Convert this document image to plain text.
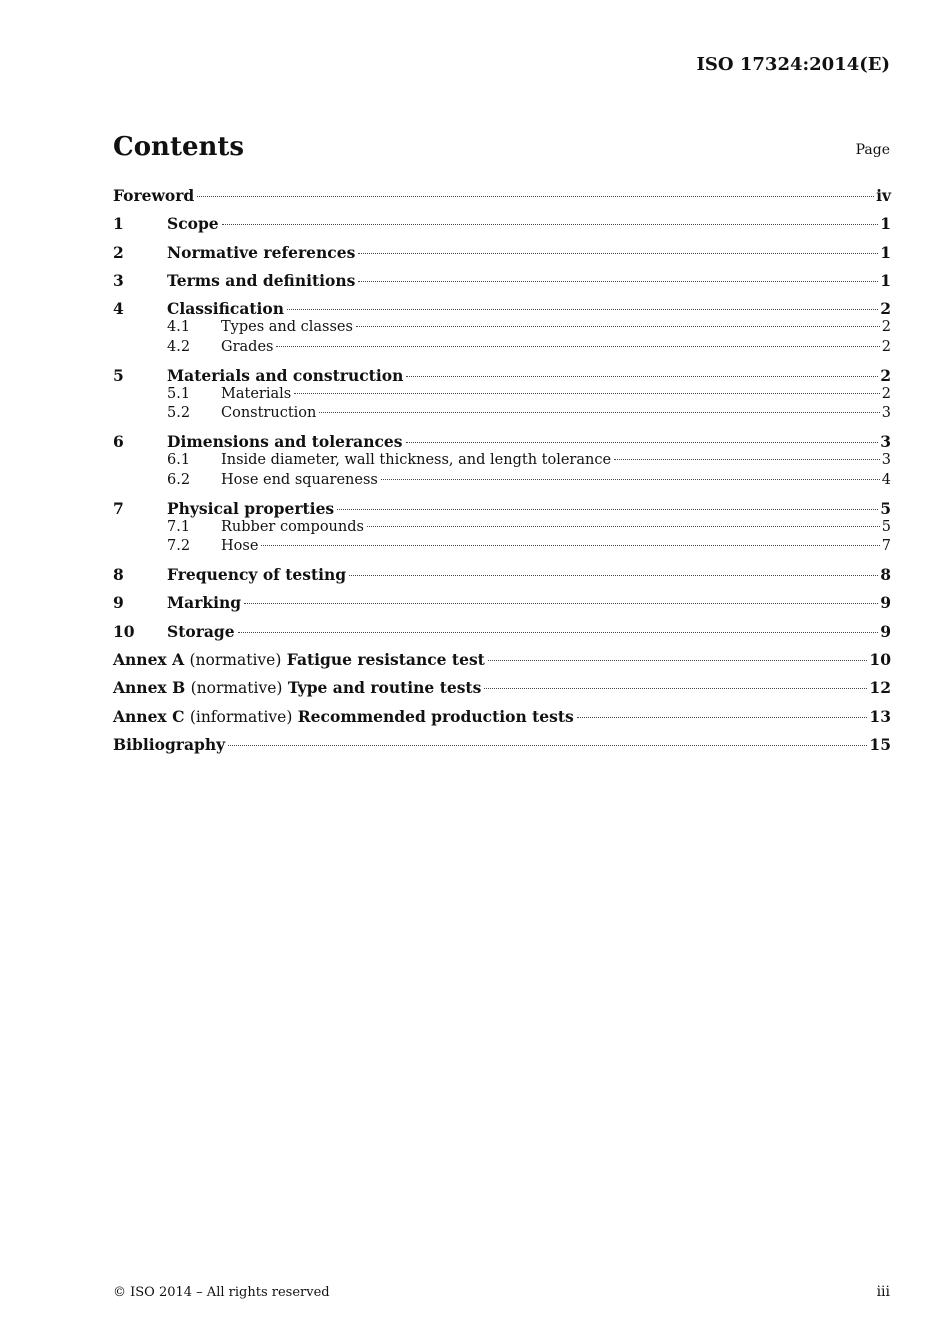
ISO 17324:2014(E)
Contents	Page
Foreword	iv
1	Scope	1
2	Normative references	1
3	Terms and definitions	1
4	Classification	2
4.1	Types and classes	2
4.2	Grades	2
5	Materials and construction	2
5.1	Materials	2
5.2	Construction	3
6	Dimensions and tolerances	3
6.1	Inside diameter, wall thickness, and length tolerance	3
6.2	Hose end squareness	4
7	Physical properties	5
7.1	Rubber compounds	5
7.2	Hose	7
8	Frequency of testing	8
9	Marking	9
10	Storage	9
Annex A (normative) Fatigue resistance test	10
Annex B (normative) Type and routine tests	12
Annex C (informative) Recommended production tests	13
Bibliography	15
© ISO 2014 – All rights reserved	iii
